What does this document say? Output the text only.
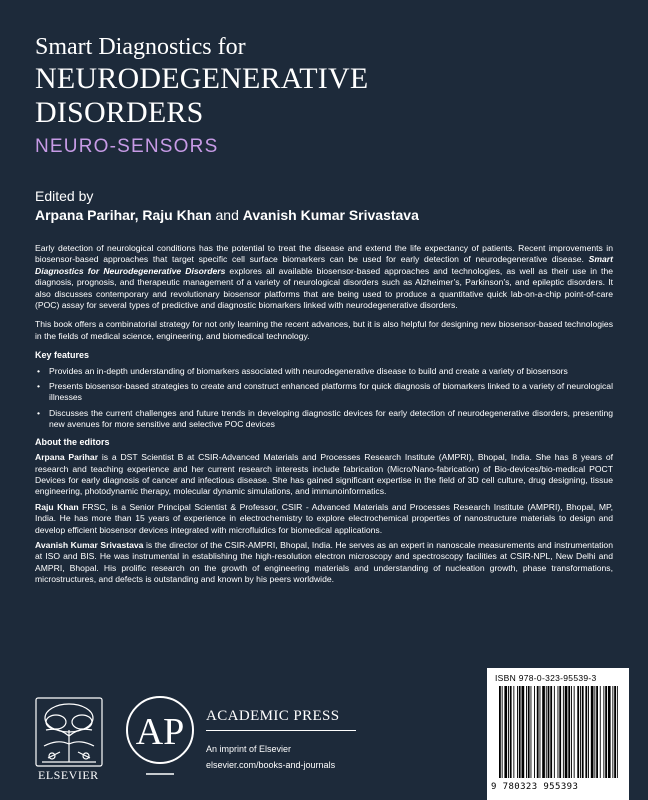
Smart Diagnostics for
NEURODEGENERATIVE
DISORDERS
NEURO-SENSORS
Edited by
Arpana Parihar, Raju Khan and Avanish Kumar Srivastava

Early detection of neurological conditions has the potential to treat the disease and extend the life expectancy of patients. Recent improvements in biosensor-based approaches that target specific cell surface biomarkers can be used for early detection of neurodegenerative disease. Smart Diagnostics for Neurodegenerative Disorders explores all available biosensor-based approaches and technologies, as well as their use in the diagnosis, prognosis, and therapeutic management of a variety of neurological disorders such as Alzheimer’s, Parkinson’s, and epileptic disorders. It also discusses contemporary and revolutionary biosensor platforms that are being used to produce a quantitative quick lab-on-a-chip point-of-care (POC) assay for several types of predictive and diagnostic biomarkers linked with neurodegenerative disorders.

This book offers a combinatorial strategy for not only learning the recent advances, but it is also helpful for designing new biosensor-based technologies in the fields of medical science, engineering, and biomedical technology.

Key features
• Provides an in-depth understanding of biomarkers associated with neurodegenerative disease to build and create a variety of biosensors
• Presents biosensor-based strategies to create and construct enhanced platforms for quick diagnosis of biomarkers linked to a variety of neurological illnesses
• Discusses the current challenges and future trends in developing diagnostic devices for early detection of neurodegenerative disorders, presenting new avenues for more sensitive and selective POC devices
About the editors

Arpana Parihar is a DST Scientist B at CSIR-Advanced Materials and Processes Research Institute (AMPRI), Bhopal, India. She has 8 years of research and teaching experience and her current research interests include fabrication (Micro/Nano-fabrication) of Bio-devices/bio-medical POCT Devices for early diagnosis of cancer and infectious disease. She has gained significant expertise in the field of 3D cell culture, drug designing, tissue engineering, photodynamic therapy, molecular dynamic simulations, and immunoinformatics.

Raju Khan FRSC, is a Senior Principal Scientist & Professor, CSIR - Advanced Materials and Processes Research Institute (AMPRI), Bhopal, MP, India. He has more than 15 years of experience in electrochemistry to explore electrochemical properties of nanostructure materials to design and develop efficient biosensor devices integrated with microfluidics for biomedical applications.

Avanish Kumar Srivastava is the director of the CSIR-AMPRI, Bhopal, India. He serves as an expert in nanoscale measurements and instrumentation at ISO and BIS. He was instrumental in establishing the high-resolution electron microscopy and spectroscopy facilities at CSIR-NPL, New Delhi and AMPRI, Bhopal. His prolific research on the growth of engineering materials and understanding of nucleation growth, phase transformations, microstructures, and defects is outstanding and known by his peers worldwide.

ELSEVIER
AP ACADEMIC PRESS
An imprint of Elsevier
elsevier.com/books-and-journals
ISBN 978-0-323-95539-3
9 780323 955393
